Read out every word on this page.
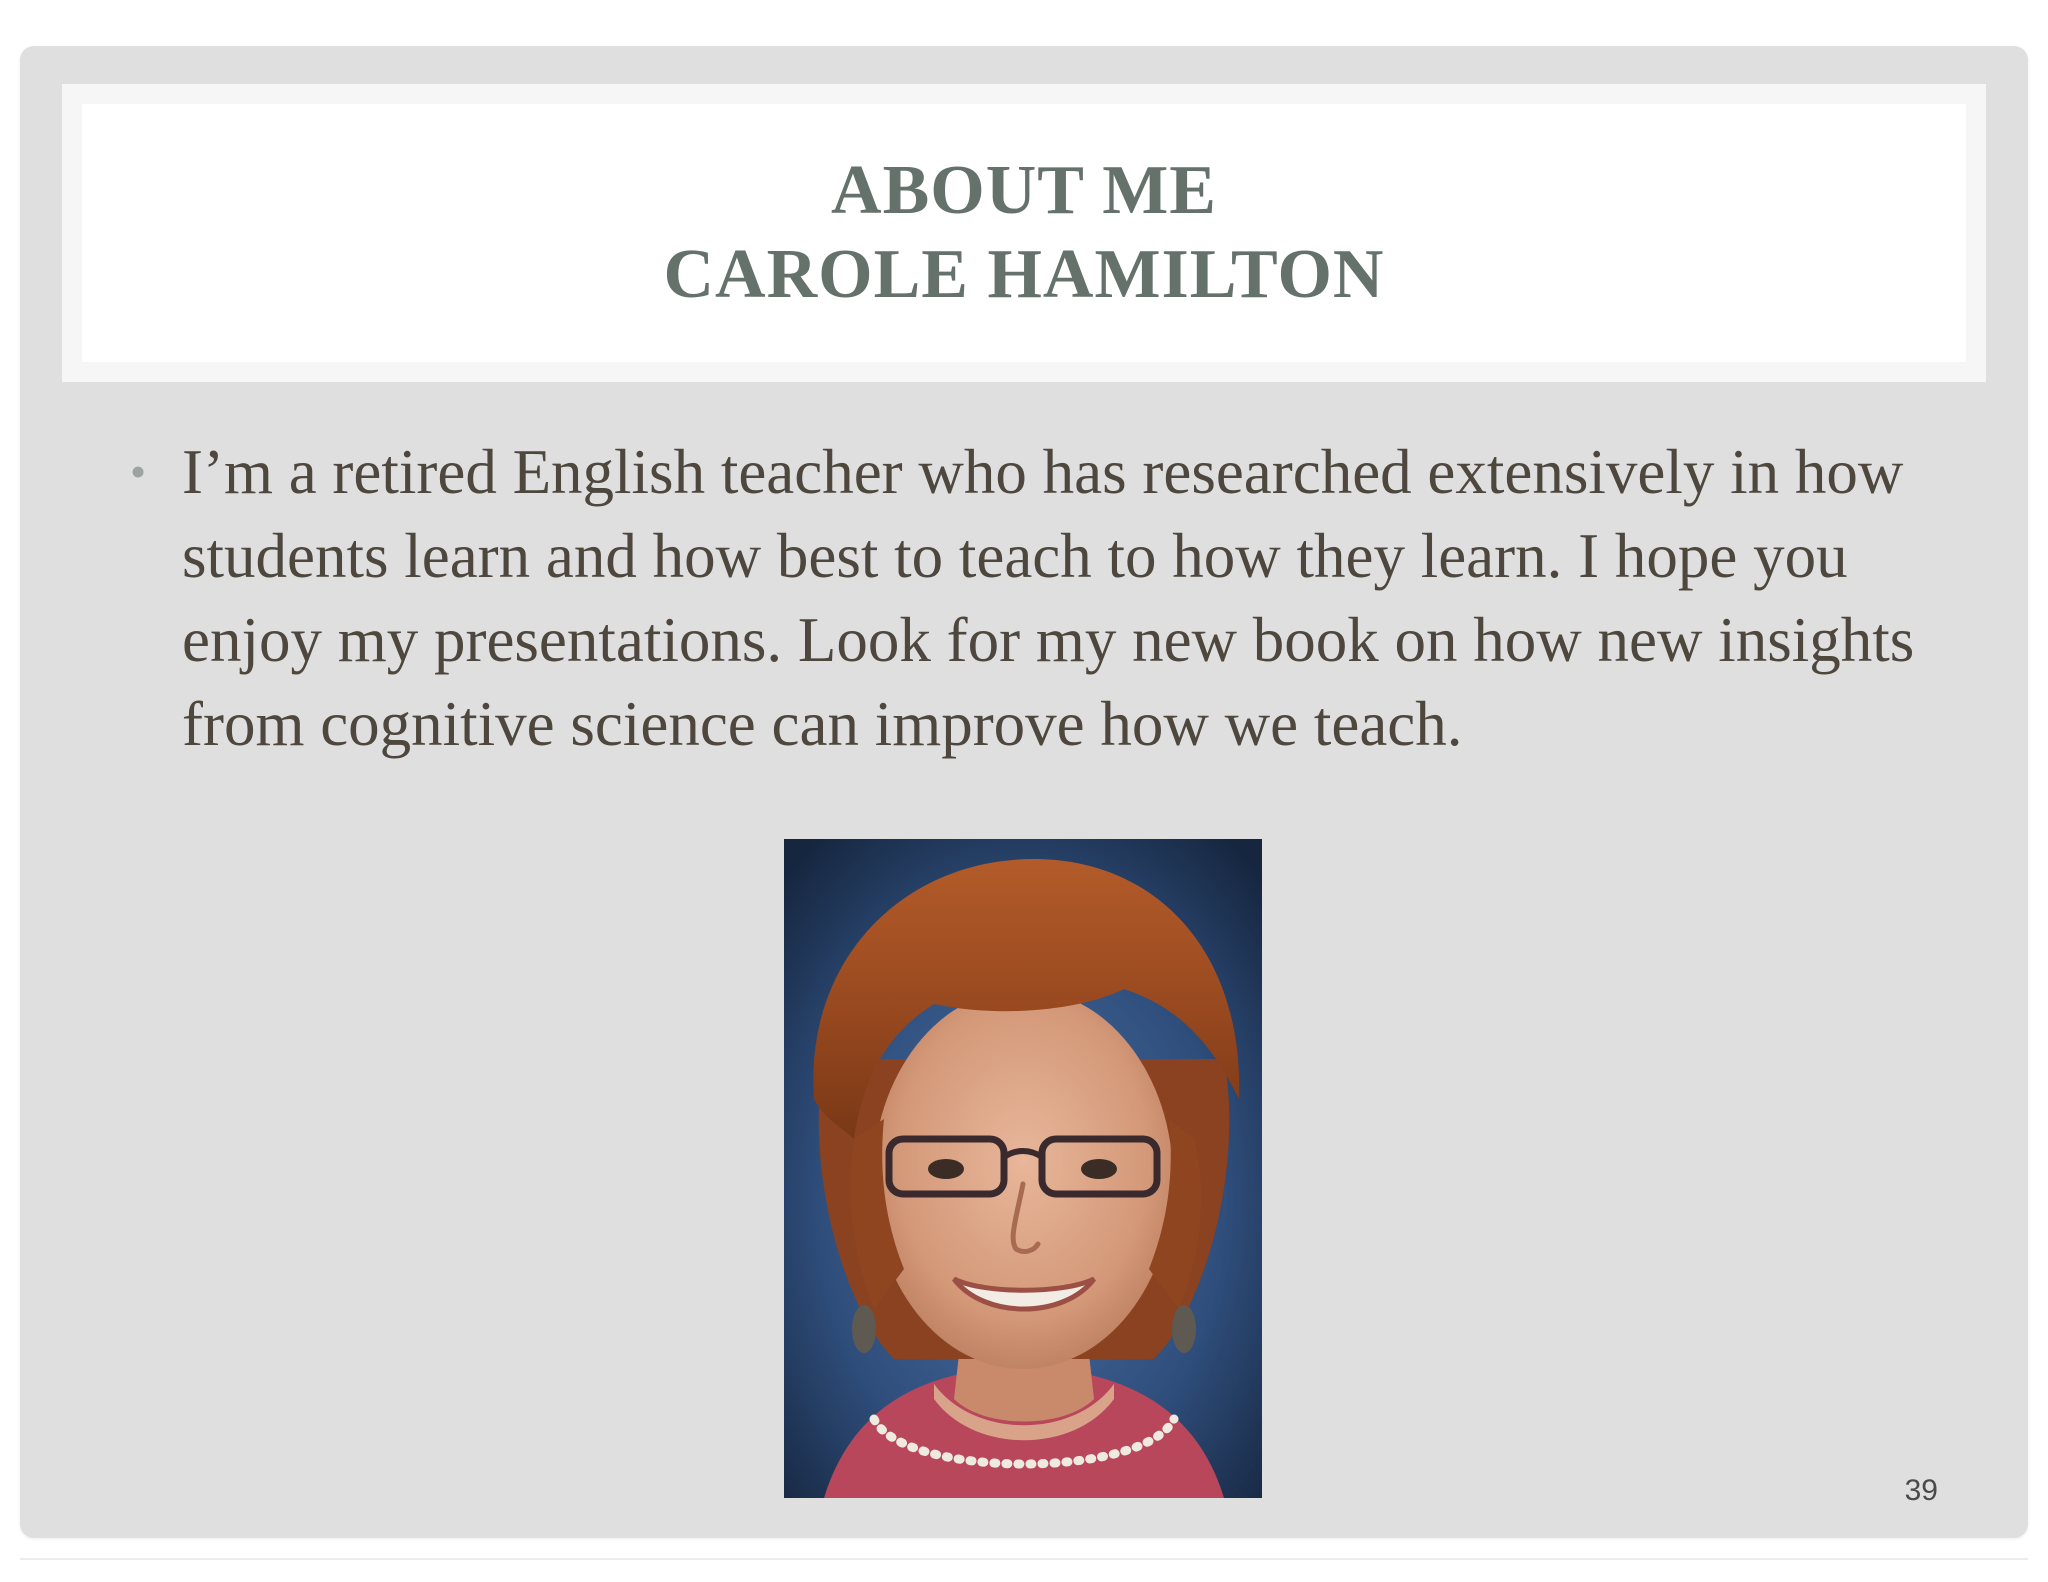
ABOUT ME
CAROLE HAMILTON
• I’m a retired English teacher who has researched extensively in how students learn and how best to teach to how they learn. I hope you enjoy my presentations. Look for my new book on how new insights from cognitive science can improve how we teach.
39
